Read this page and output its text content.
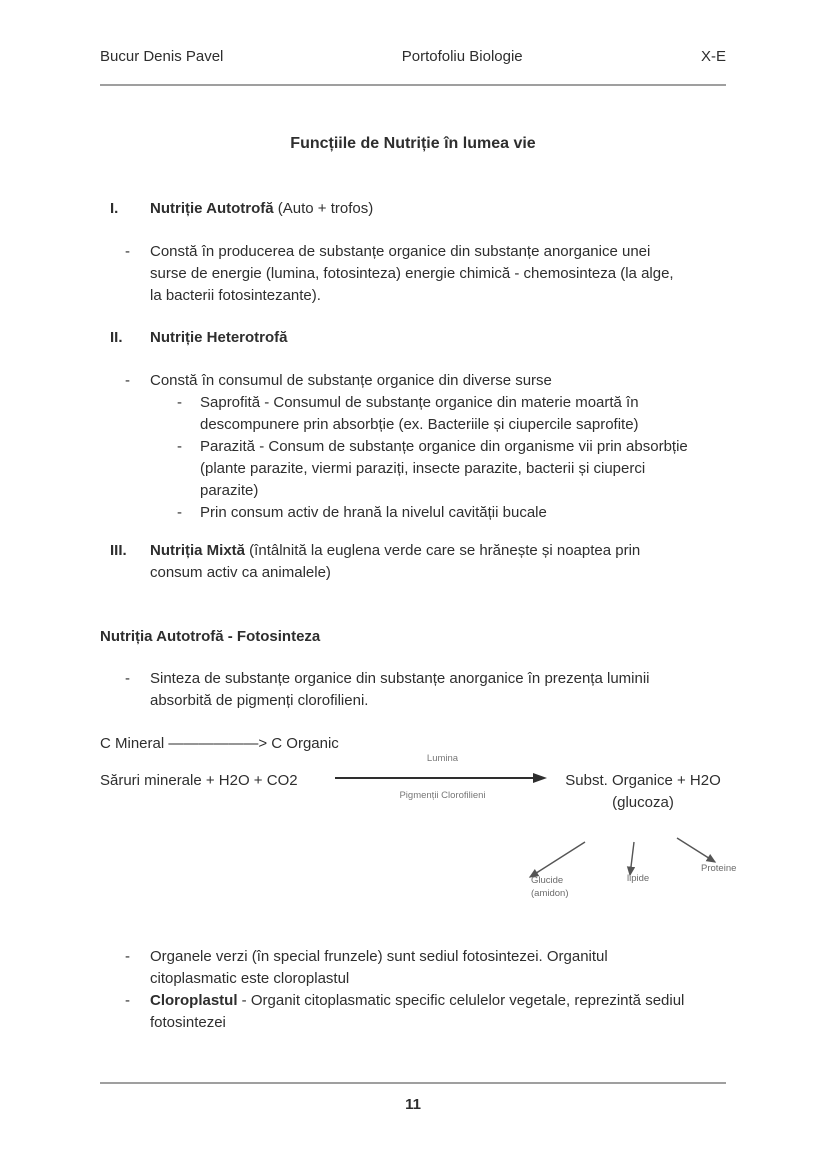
Bucur Denis Pavel	Portofoliu Biologie	X-E
Funcțiile de Nutriție în lumea vie
I. Nutriție Autotrofă (Auto + trofos)
-	Constă în producerea de substanțe organice din substanțe anorganice unei surse de energie (lumina, fotosinteza) energie chimică - chemosinteza (la alge, la bacterii fotosintezante).
II. Nutriție Heterotrofă
-	Constă în consumul de substanțe organice din diverse surse
-	Saprofită - Consumul de substanțe organice din materie moartă în descompunere prin absorbție (ex. Bacteriile și ciupercile saprofite)
-	Parazită - Consum de substanțe organice din organisme vii prin absorbție (plante parazite, viermi paraziți, insecte parazite, bacterii și ciuperci parazite)
-	Prin consum activ de hrană la nivelul cavității bucale
III. Nutriția Mixtă (întâlnită la euglena verde care se hrănește și noaptea prin consum activ ca animalele)
Nutriția Autotrofă - Fotosinteza
-	Sinteza de substanțe organice din substanțe anorganice în prezența luminii absorbită de pigmenți clorofilieni.
C Mineral ——————> C Organic
Săruri minerale + H2O + CO2
Lumina
Pigmenții Clorofilieni
Subst. Organice + H2O
(glucoza)
Glucide
(amidon)
lipide
Proteine
-	Organele verzi (în special frunzele) sunt sediul fotosintezei. Organitul citoplasmatic este cloroplastul
-	Cloroplastul - Organit citoplasmatic specific celulelor vegetale, reprezintă sediul fotosintezei
11
